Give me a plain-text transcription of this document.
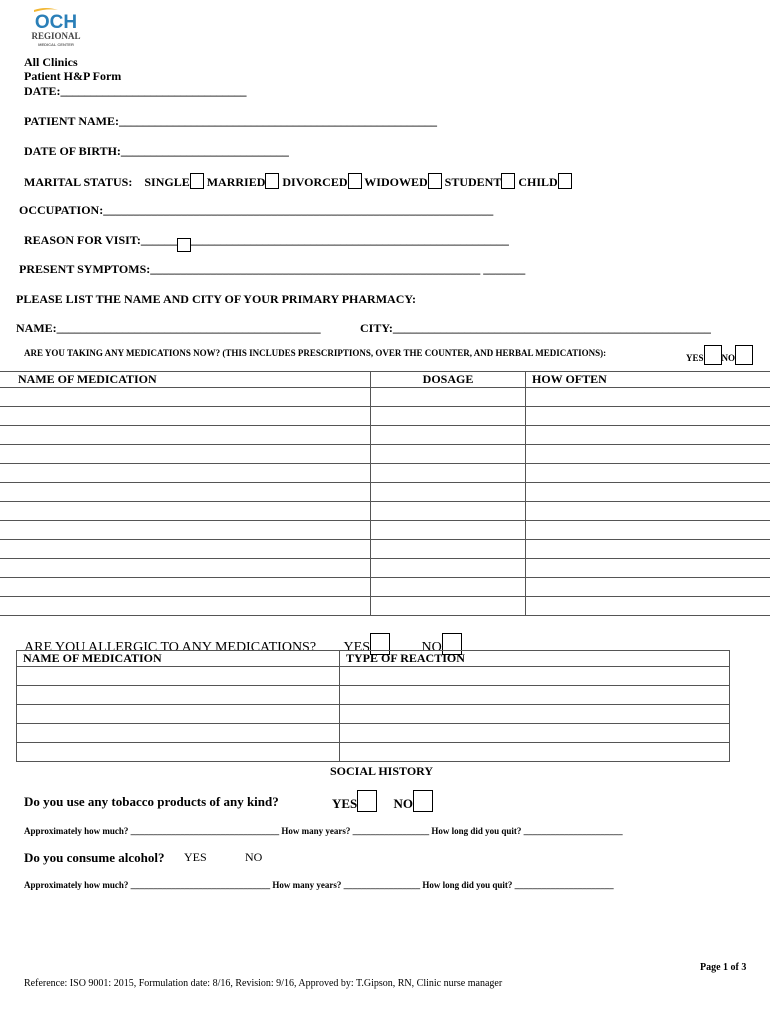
OCH
REGIONAL
MEDICAL CENTER
All Clinics
Patient H&P Form
DATE:_______________________________
PATIENT NAME:_____________________________________________________
DATE OF BIRTH:____________________________
MARITAL STATUS: SINGLE MARRIED DIVORCED WIDOWED STUDENT CHILD
OCCUPATION:_________________________________________________________________
REASON FOR VISIT:______ _____________________________________________________
PRESENT SYMPTOMS:_______________________________________________________ _______
PLEASE LIST THE NAME AND CITY OF YOUR PRIMARY PHARMACY:
NAME:____________________________________________	CITY:_____________________________________________________
ARE YOU TAKING ANY MEDICATIONS NOW? (THIS INCLUDES PRESCRIPTIONS, OVER THE COUNTER, AND HERBAL MEDICATIONS):	YES NO
NAME OF MEDICATION	DOSAGE	HOW OFTEN

ARE YOU ALLERGIC TO ANY MEDICATIONS? YES	NO
NAME OF MEDICATION	TYPE OF REACTION

SOCIAL HISTORY
Do you use any tobacco products of any kind?	YES	NO
Approximately how much? _________________________________ How many years? _________________ How long did you quit? ______________________
Do you consume alcohol? YES	NO
Approximately how much? _______________________________ How many years? _________________ How long did you quit? ______________________
Page 1 of 3
Reference: ISO 9001: 2015, Formulation date: 8/16, Revision: 9/16, Approved by: T.Gipson, RN, Clinic nurse manager
